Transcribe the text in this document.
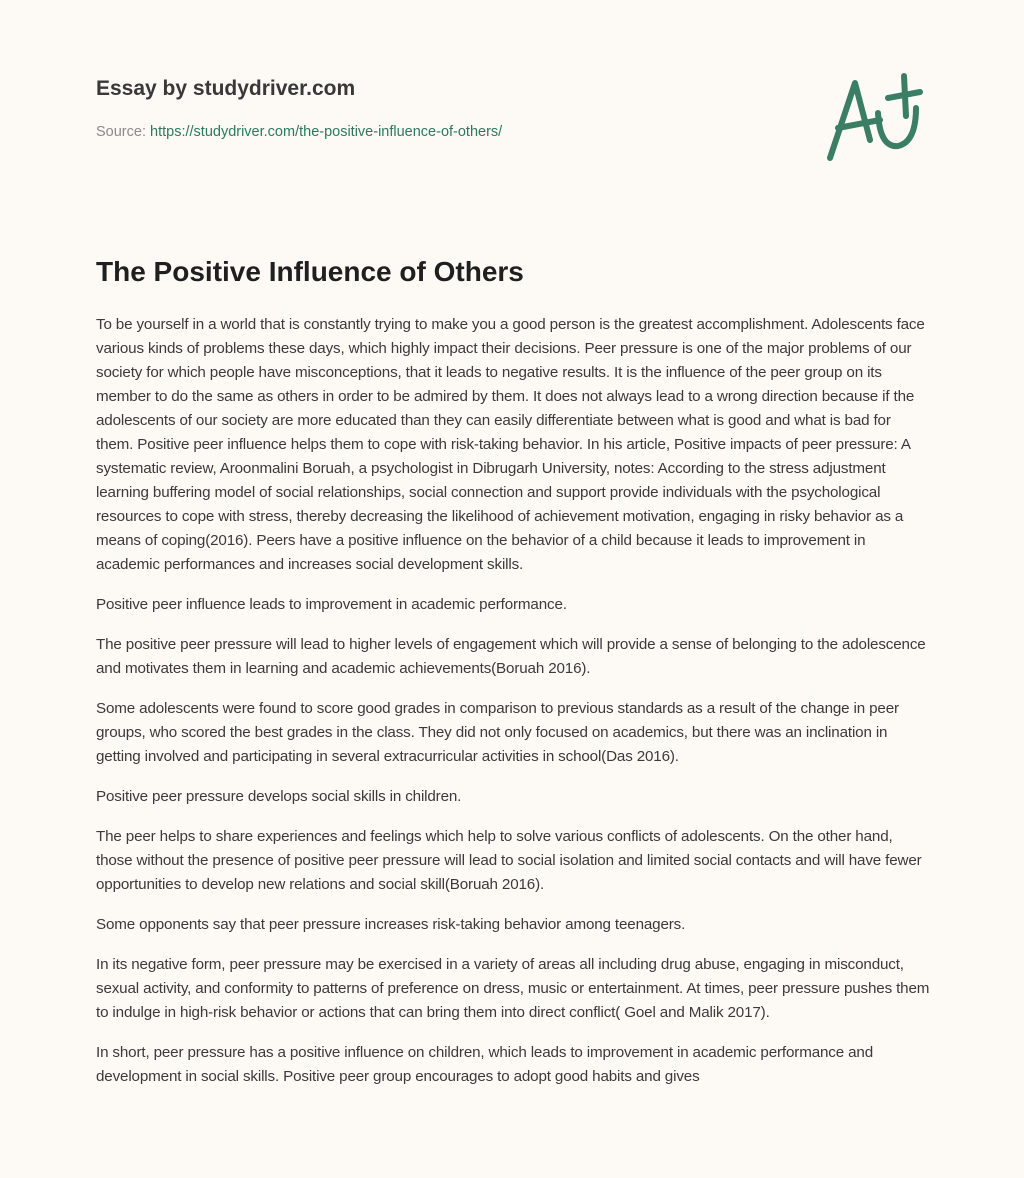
Essay by studydriver.com
Source: https://studydriver.com/the-positive-influence-of-others/
The Positive Influence of Others

To be yourself in a world that is constantly trying to make you a good person is the greatest accomplishment. Adolescents face various kinds of problems these days, which highly impact their decisions. Peer pressure is one of the major problems of our society for which people have misconceptions, that it leads to negative results. It is the influence of the peer group on its member to do the same as others in order to be admired by them. It does not always lead to a wrong direction because if the adolescents of our society are more educated than they can easily differentiate between what is good and what is bad for them. Positive peer influence helps them to cope with risk-taking behavior. In his article, Positive impacts of peer pressure: A systematic review, Aroonmalini Boruah, a psychologist in Dibrugarh University, notes: According to the stress adjustment learning buffering model of social relationships, social connection and support provide individuals with the psychological resources to cope with stress, thereby decreasing the likelihood of achievement motivation, engaging in risky behavior as a means of coping(2016). Peers have a positive influence on the behavior of a child because it leads to improvement in academic performances and increases social development skills.

Positive peer influence leads to improvement in academic performance.

The positive peer pressure will lead to higher levels of engagement which will provide a sense of belonging to the adolescence and motivates them in learning and academic achievements(Boruah 2016).

Some adolescents were found to score good grades in comparison to previous standards as a result of the change in peer groups, who scored the best grades in the class. They did not only focused on academics, but there was an inclination in getting involved and participating in several extracurricular activities in school(Das 2016).

Positive peer pressure develops social skills in children.

The peer helps to share experiences and feelings which help to solve various conflicts of adolescents. On the other hand, those without the presence of positive peer pressure will lead to social isolation and limited social contacts and will have fewer opportunities to develop new relations and social skill(Boruah 2016).

Some opponents say that peer pressure increases risk-taking behavior among teenagers.

In its negative form, peer pressure may be exercised in a variety of areas all including drug abuse, engaging in misconduct, sexual activity, and conformity to patterns of preference on dress, music or entertainment. At times, peer pressure pushes them to indulge in high-risk behavior or actions that can bring them into direct conflict( Goel and Malik 2017).

In short, peer pressure has a positive influence on children, which leads to improvement in academic performance and development in social skills. Positive peer group encourages to adopt good habits and gives
